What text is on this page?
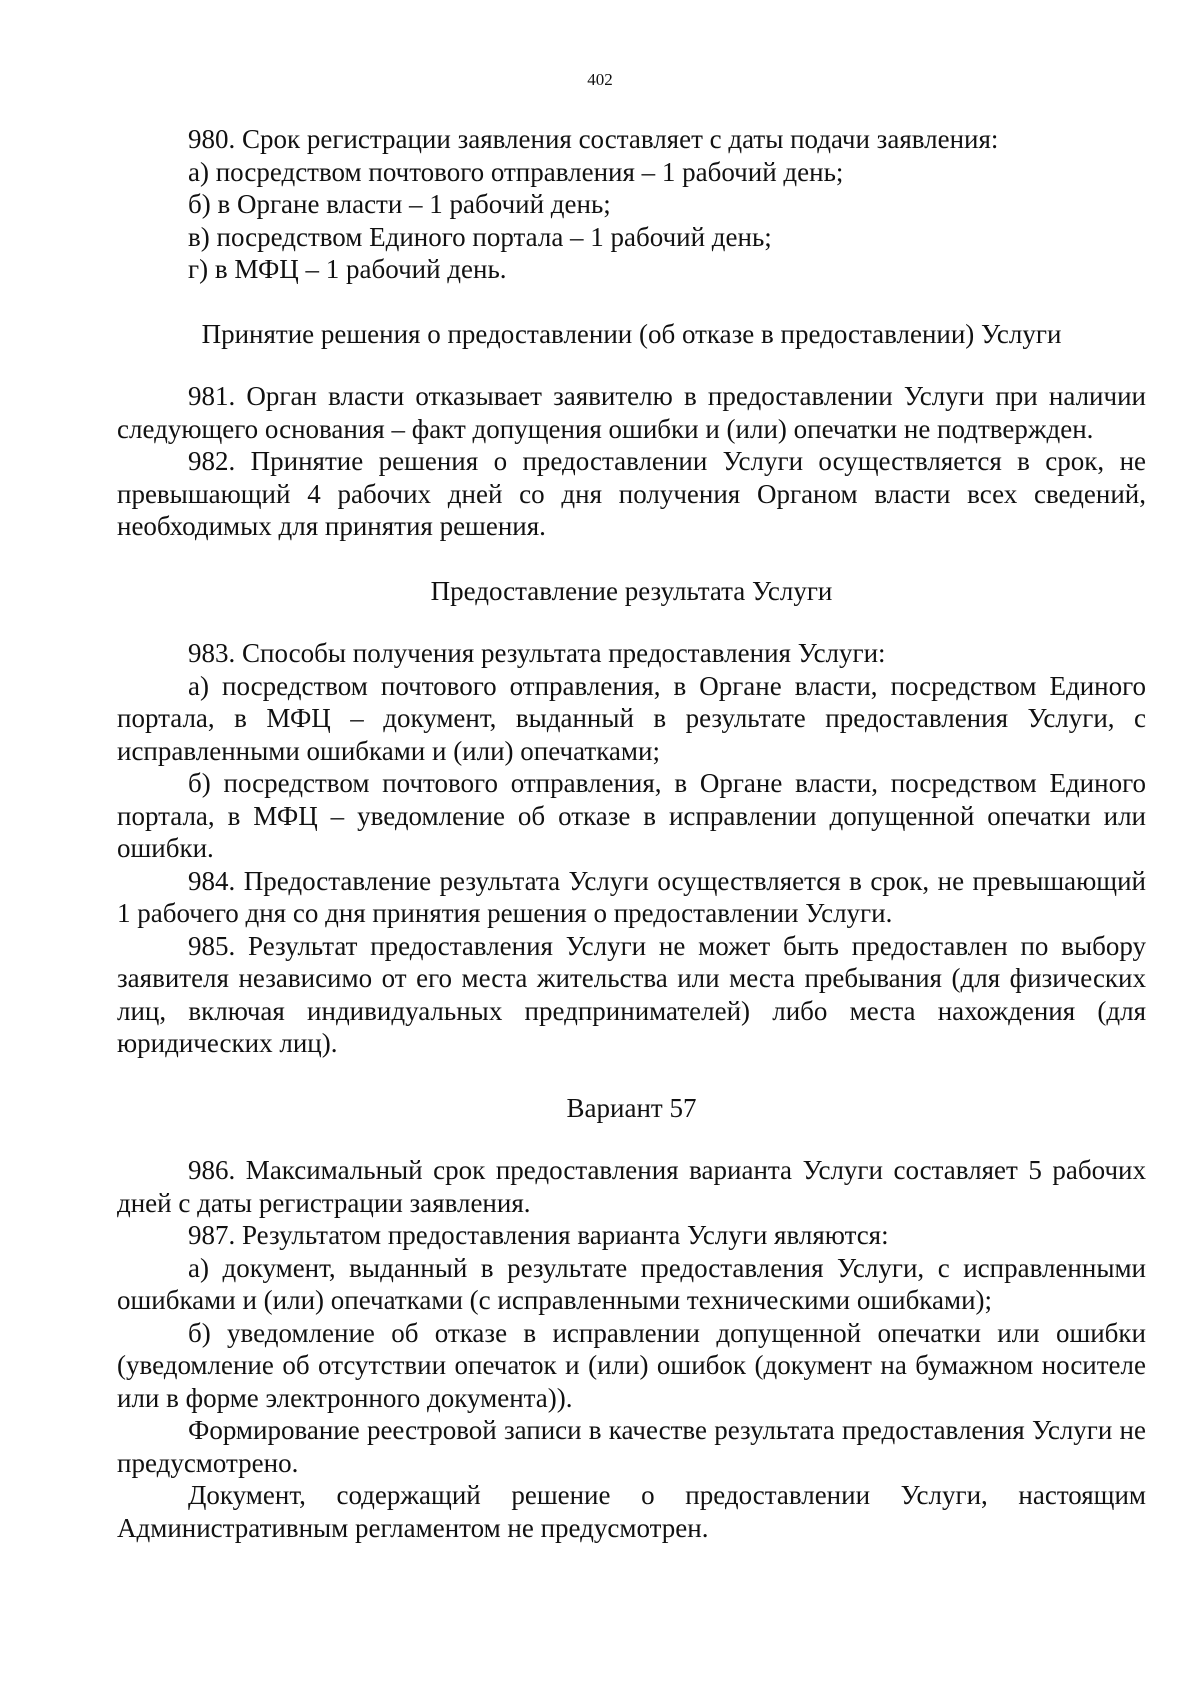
402

980. Срок регистрации заявления составляет с даты подачи заявления:

а) посредством почтового отправления – 1 рабочий день;

б) в Органе власти – 1 рабочий день;

в) посредством Единого портала – 1 рабочий день;

г) в МФЦ – 1 рабочий день.

Принятие решения о предоставлении (об отказе в предоставлении) Услуги

981. Орган власти отказывает заявителю в предоставлении Услуги при наличии следующего основания – факт допущения ошибки и (или) опечатки не подтвержден.

982. Принятие решения о предоставлении Услуги осуществляется в срок, не превышающий 4 рабочих дней со дня получения Органом власти всех сведений, необходимых для принятия решения.

Предоставление результата Услуги

983. Способы получения результата предоставления Услуги:

а) посредством почтового отправления, в Органе власти, посредством Единого портала, в МФЦ – документ, выданный в результате предоставления Услуги, с исправленными ошибками и (или) опечатками;

б) посредством почтового отправления, в Органе власти, посредством Единого портала, в МФЦ – уведомление об отказе в исправлении допущенной опечатки или ошибки.

984. Предоставление результата Услуги осуществляется в срок, не превышающий 1 рабочего дня со дня принятия решения о предоставлении Услуги.

985. Результат предоставления Услуги не может быть предоставлен по выбору заявителя независимо от его места жительства или места пребывания (для физических лиц, включая индивидуальных предпринимателей) либо места нахождения (для юридических лиц).

Вариант 57

986. Максимальный срок предоставления варианта Услуги составляет 5 рабочих дней с даты регистрации заявления.

987. Результатом предоставления варианта Услуги являются:

а) документ, выданный в результате предоставления Услуги, с исправленными ошибками и (или) опечатками (с исправленными техническими ошибками);

б) уведомление об отказе в исправлении допущенной опечатки или ошибки (уведомление об отсутствии опечаток и (или) ошибок (документ на бумажном носителе или в форме электронного документа)).

Формирование реестровой записи в качестве результата предоставления Услуги не предусмотрено.

Документ, содержащий решение о предоставлении Услуги, настоящим Административным регламентом не предусмотрен.
